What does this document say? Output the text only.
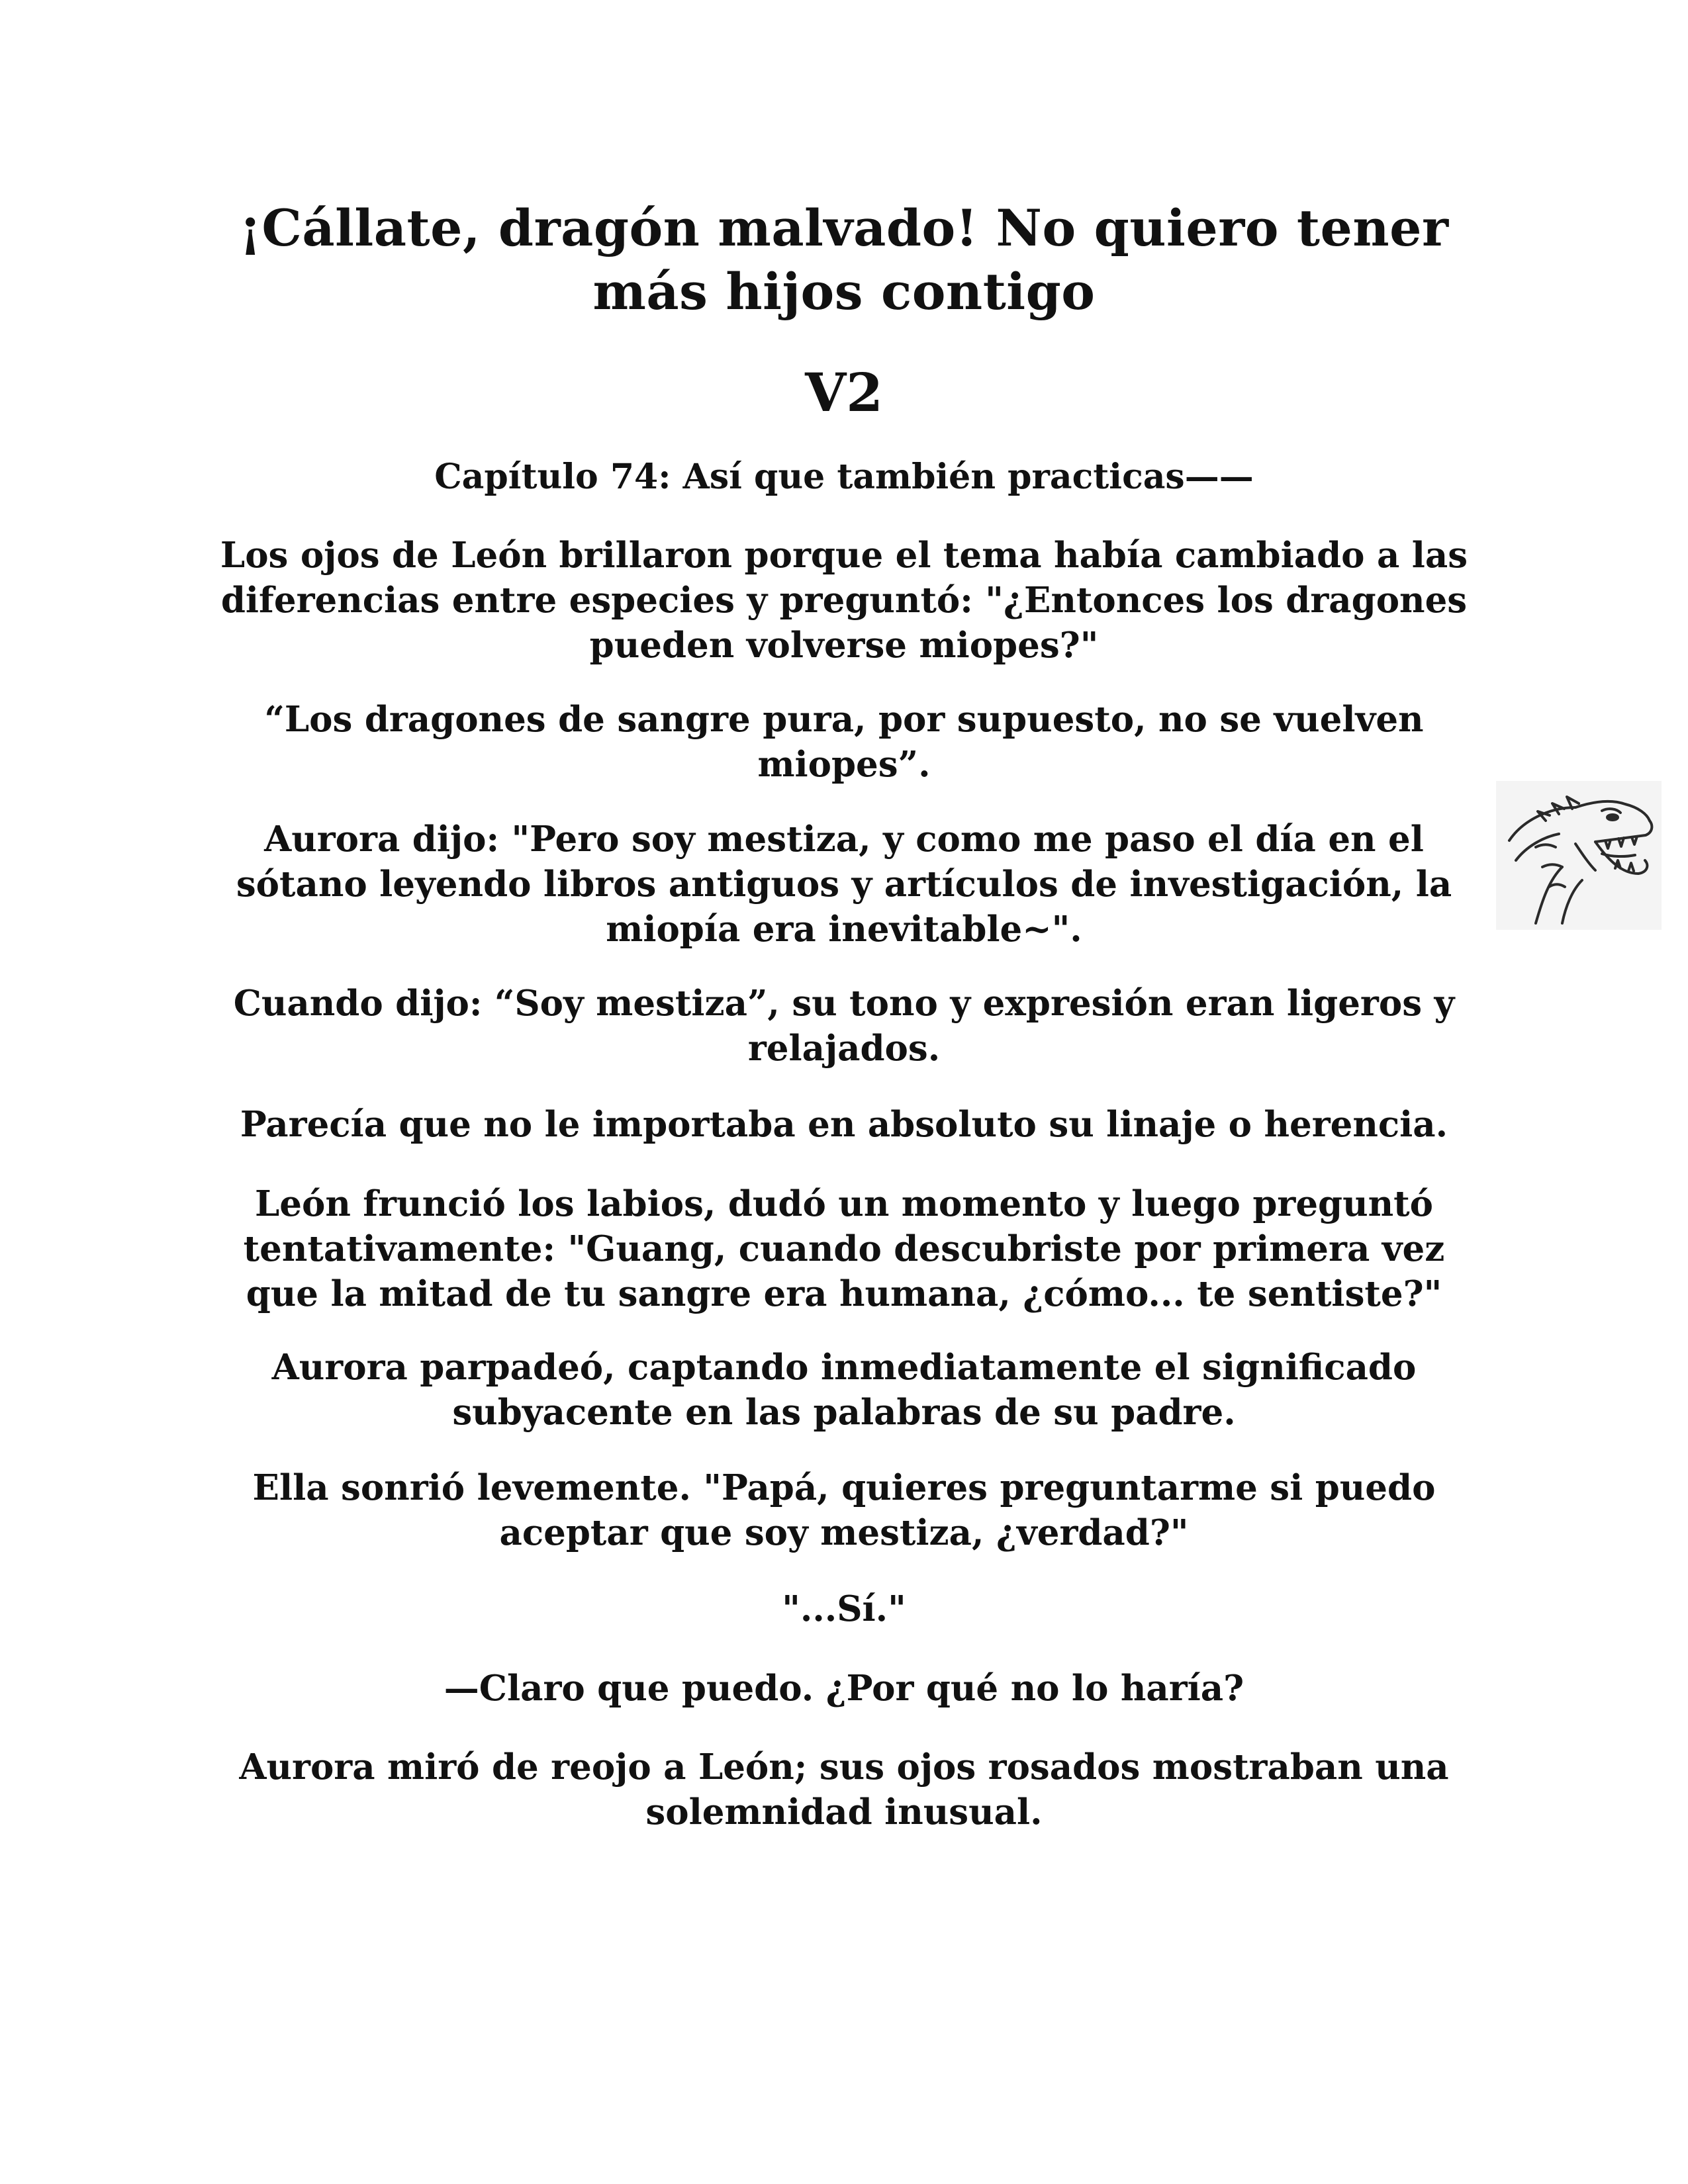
¡Cállate, dragón malvado! No quiero tener
más hijos contigo
V2
Capítulo 74: Así que también practicas——
Los ojos de León brillaron porque el tema había cambiado a las diferencias entre especies y preguntó: "¿Entonces los dragones pueden volverse miopes?"
“Los dragones de sangre pura, por supuesto, no se vuelven miopes”.
Aurora dijo: "Pero soy mestiza, y como me paso el día en el sótano leyendo libros antiguos y artículos de investigación, la miopía era inevitable~".
Cuando dijo: “Soy mestiza”, su tono y expresión eran ligeros y relajados.
Parecía que no le importaba en absoluto su linaje o herencia.
León frunció los labios, dudó un momento y luego preguntó tentativamente: "Guang, cuando descubriste por primera vez que la mitad de tu sangre era humana, ¿cómo... te sentiste?"
Aurora parpadeó, captando inmediatamente el significado subyacente en las palabras de su padre.
Ella sonrió levemente. "Papá, quieres preguntarme si puedo aceptar que soy mestiza, ¿verdad?"
"...Sí."
—Claro que puedo. ¿Por qué no lo haría?
Aurora miró de reojo a León; sus ojos rosados mostraban una solemnidad inusual.
